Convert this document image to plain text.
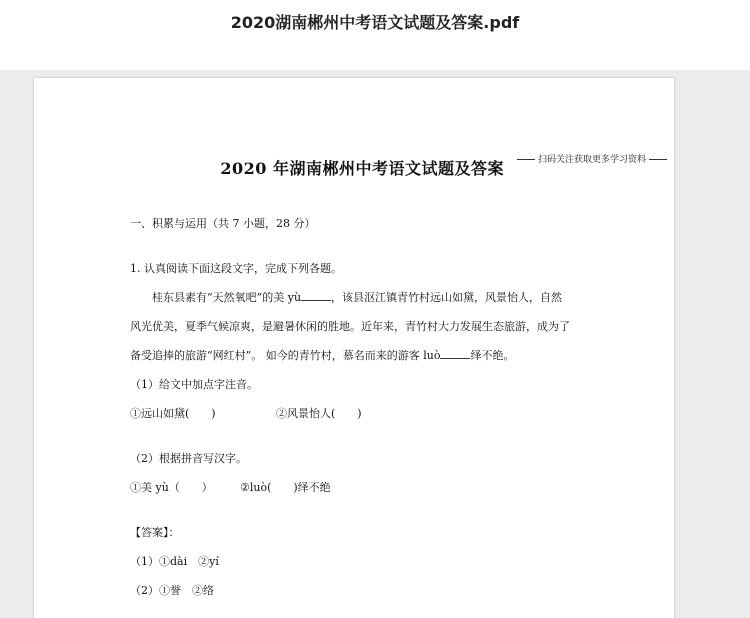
2020湖南郴州中考语文试题及答案.pdf
扫码关注获取更多学习资料
2020 年湖南郴州中考语文试题及答案
一、积累与运用（共 7 小题，28 分）
1. 认真阅读下面这段文字，完成下列各题。
桂东县素有“天然氧吧”的美 yù	，该县沤江镇青竹村远山如黛，风景怡人，自然
风光优美，夏季气候凉爽，是避暑休闲的胜地。近年来，青竹村大力发展生态旅游，成为了
备受追捧的旅游“网红村”。 如今的青竹村，慕名而来的游客 luò	绎不绝。
（1）给文中加点字注音。
①远山如黛(　　)	②风景怡人(　　)
（2）根据拼音写汉字。
①美 yù（　　） ②luò(　　)绎不绝
【答案】：
（1）①dài　②yí
（2）①誉　②络
